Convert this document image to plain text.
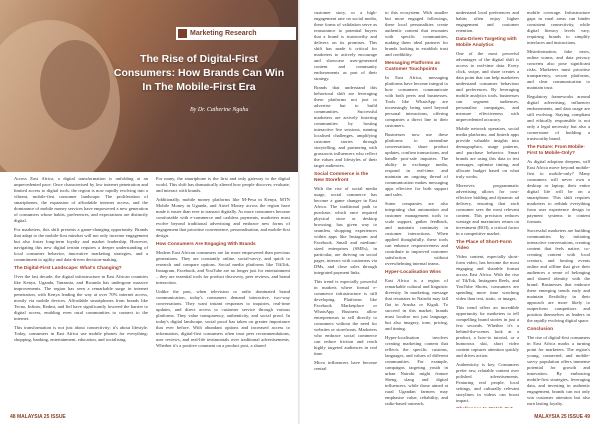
Marketing Research
The Rise of Digital-First Consumers: How Brands Can Win In The Mobile-First Era
By Dr. Catherine Ngahu

Across East Africa, a digital transformation is unfolding at an unprecedented pace. Once characterised by low internet penetration and limited access to digital tools, the region is now rapidly evolving into a vibrant, mobile-first consumer landscape. The proliferation of smartphones, the expansion of affordable internet access, and the dominance of mobile money services have empowered a new generation of consumers whose habits, preferences, and expectations are distinctly digital.

For marketers, this shift presents a game-changing opportunity. Brands that adapt to the mobile-first mindset will not only increase engagement but also foster long-term loyalty and market leadership. However, navigating this new digital terrain requires a deeper understanding of local consumer behavior, innovative marketing strategies, and a commitment to agility and data-driven decision-making.

The Digital-First Landscape: What's Changing?

Over the last decade, the digital infrastructure in East African countries like Kenya, Uganda, Tanzania, and Rwanda has undergone massive improvements. The region has seen a remarkable surge in internet penetration, with Kenya leading the way at over 70% internet access, mostly via mobile devices. Affordable smartphones from brands like Tecno, Infinix, Redmi, and Itel have significantly lowered the barrier to digital access, enabling even rural communities to connect to the internet.

This transformation is not just about connectivity; it's about lifestyle. Today, consumers in East Africa use mobile phones for everything: shopping, banking, entertainment, education, and socialising.

For many, the smartphone is the first and only gateway to the digital world. This shift has dramatically altered how people discover, evaluate, and interact with brands.

Additionally, mobile money platforms like M-Pesa in Kenya, MTN Mobile Money in Uganda, and Airtel Money across the region have made it easier than ever to transact digitally. As more consumers become comfortable with e-commerce and cashless payments, marketers must evolve beyond traditional advertising and embrace new forms of engagement that prioritise convenience, personalisation, and mobile-first design.

How Consumers Are Engaging With Brands

Modern East African consumers are far more empowered than previous generations. They are constantly online, social-savvy, and quick to research and compare options. Social media platforms like TikTok, Instagram, Facebook, and YouTube are no longer just for entertainment – they are essential tools for product discovery, peer reviews, and brand interaction.

Unlike the past, when television or radio dominated brand communication, today's consumers demand interactive, two-way conversations. They want instant responses to inquiries, real-time updates, and direct access to customer service through various platforms. They value transparency, authenticity, and social proof. In today's digital landscape, social proof has taken on greater importance that ever before. With abundant options and increased access to information, digital-first consumers often trust peer recommendations, user reviews, and real-life testimonials over traditional advertisements. Whether it's a positive comment on a product post, a shared

48 MALAYSIA 25 ISSUE

customer story, or a high-engagement rate on social media, these forms of validation serve as reassurance to potential buyers that a brand is trustworthy and delivers on its promises. This shift has made it critical for marketers to actively encourage and showcase user-generated content and community endorsements as part of their strategy.

Brands that understand this behavioral shift are leveraging these platforms not just to advertise but to build communities. Successful marketers are actively fostering communities by hosting interactive live sessions, running localised challenges, amplifying customer stories through storytelling, and partnering with grassroots influencers who reflect the values and lifestyles of their target audiences.

Social Commerce is the New Storefront

With the rise of social media usage, social commerce has become a game changer in East Africa. The traditional path to purchase, which once required physical store or desktop browsing, has given way to seamless shopping experiences within apps like Instagram and Facebook. Small and medium-sized enterprises (SMEs), in particular, are thriving on social pages, interact with customers via DMs, and close sales through integrated payment links.

This trend is especially powerful in markets where formal e-commerce infrastructure is still developing. Platforms like Facebook Marketplace or WhatsApp Business allow entrepreneurs to sell directly to consumers without the need for websites or storefronts. Marketers who embrace social commerce can reduce friction and reach highly targeted audiences in real time.

Micro influencers have become central

to this ecosystem. With smaller but more engaged followings, these local personalities create authentic content that resonates with specific communities, making them ideal partners for brands looking to establish trust and credibility.

Messaging Platforms as Customer Touchpoints

In East Africa, messaging platforms have become integral to how consumers communicate with both peers and businesses. Tools like WhatsApp are increasingly being used beyond personal interactions, offering companies a direct line to their customers.

Businesses now use these platforms to streamline conversations, share product updates, confirm transactions, and handle post-sale inquiries. The ability to exchange media, respond in real-time, and maintain an ongoing thread of communication makes messaging apps effective for both support and sales.

Some companies are also integrating chat automation and customer management tools to scale support, gather feedback, and maintain continuity in customer interactions. When applied thoughtfully, these tools can enhance responsiveness and contribute to improved customer satisfaction without overwhelming internal teams.

Hyper-Localisation Wins

East Africa is a region of remarkable cultural and linguistic diversity. In marketing, message that resonates in Nairobi may fall flat in Arusha or Kigali. To succeed in this market, brands must localise not just language, but also imagery, tone, pricing, and timing.

Hyper-localisation involves creating marketing content that reflects the specific customs, languages, and values of different communities. For example, campaigns targeting youth in urban Nairobi might feature Sheng slang and digital influencers, while those aimed at rural Ugandan farmers may emphasise value, reliability, and radio-based outreach.

understand local preferences and habits often enjoy higher engagement and customer retention.

Data-Driven Targeting with Mobile Analytics

One of the most powerful advantages of the digital shift is access to real-time data. Every click, swipe, and share creates a data point that can help marketers understand consumer behaviour and preferences. By leveraging mobile analytics tools, businesses can segment audiences, personalise campaigns, and measure effectiveness with unprecedented accuracy.

Mobile network operators, social media platforms, and fintech apps provide valuable insights into demographics, usage patterns, and purchase behavior. Smart brands are using this data to test messages, optimise timing, and allocate budget based on what truly works.

Moreover, programmatic advertising allows for cost-effective bidding and dynamic ad delivery, ensuring that each consumer sees the most relevant content. This precision reduces wastage and maximises return on investment (ROI), a critical factor in a competitive market.

The Place of Short-Form Video

Video content, especially short-form video, has become the most engaging and sharable format across East Africa. With the rise of TikTok, Instagram Reels, and YouTube Shorts, consumers are spending more time watching video than text, static, or images.

This trend offers an incredible opportunity for marketers to tell compelling brand stories in just a few seconds. Whether it's a behind-the-scenes look at a product, a how-to tutorial, or a humorous skit, short video content captures attention quickly and drives action.

Authenticity is key. Consumers prefer raw, relatable content over polished advertisements. Featuring real people, local settings, and culturally relevant storylines in videos can boost impact.

mobile coverage. Infrastructure gaps in rural areas can hinder consistent connectivity, while digital literacy levels vary, requiring brands to simplify interfaces and instructions.

Misinformation, fake news, online scams, and data privacy concerns also pose significant risks. Marketers must prioritise transparency, secure platforms, and clear communication to maintain trust.

Regulatory frameworks around digital advertising, influencer endorsements, and data usage are still evolving. Staying compliant and ethically responsible is not only a legal necessity but also a cornerstone of building a trustworthy brand.

The Future: From Mobile-First to Mobile-Only?

As digital adoption deepens, will East Africa move beyond mobile-first to mobile-only? Many consumers will never own a desktop or laptop; their entire digital life will be on a smartphone. This shift requires marketers to rethink everything from user experience design to payment systems to content formats.

Successful marketers are building communities by initiating interactive conversations, creating content that feels native, co-creating content with local creators, and hosting events online and offline that give their audiences a sense of belonging and shared identity with the brand. Businesses that embrace these emerging trends early and maintain flexibility in their approach are more likely to outperform competitors and position themselves as leaders in the rapidly evolving digital space.

Conclusion

The rise of digital-first consumers in East Africa marks a turning point for marketers. The region's young, connected, and mobile-savvy population offers immense potential for growth and innovation. By embracing mobile-first strategies, leveraging data, and investing in authentic engagement, brands can not only win customer attention but also earn lasting loyalty.

MALAYSIA 25 ISSUE 49
